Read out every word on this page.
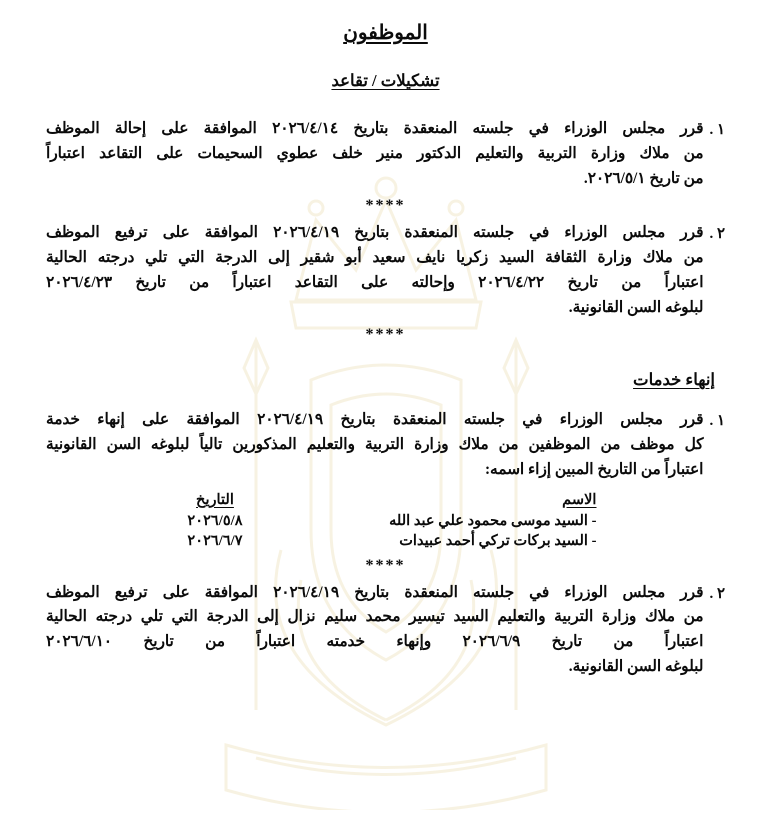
الموظفون
تشكيلات / تقاعد
١ .
قرر مجلس الوزراء في جلسته المنعقدة بتاريخ ٢٠٢٦/٤/١٤ الموافقة على إحالة الموظف
من ملاك وزارة التربية والتعليم الدكتور منير خلف عطوي السحيمات على التقاعد اعتباراً
من تاريخ ٢٠٢٦/٥/١.
****
٢ .
قرر مجلس الوزراء في جلسته المنعقدة بتاريخ ٢٠٢٦/٤/١٩ الموافقة على ترفيع الموظف
من ملاك وزارة الثقافة السيد زكريا نايف سعيد أبو شقير إلى الدرجة التي تلي درجته الحالية
اعتباراً من تاريخ ٢٠٢٦/٤/٢٢ وإحالته على التقاعد اعتباراً من تاريخ ٢٠٢٦/٤/٢٣
لبلوغه السن القانونية.
****
إنهاء خدمات
١ .
قرر مجلس الوزراء في جلسته المنعقدة بتاريخ ٢٠٢٦/٤/١٩ الموافقة على إنهاء خدمة
كل موظف من الموظفين من ملاك وزارة التربية والتعليم المذكورين تالياً لبلوغه السن القانونية
اعتباراً من التاريخ المبين إزاء اسمه:
الاسم	التاريخ
- السيد موسى محمود علي عبد الله	٢٠٢٦/٥/٨
- السيد بركات تركي أحمد عبيدات	٢٠٢٦/٦/٧
****
٢ .
قرر مجلس الوزراء في جلسته المنعقدة بتاريخ ٢٠٢٦/٤/١٩ الموافقة على ترفيع الموظف
من ملاك وزارة التربية والتعليم السيد تيسير محمد سليم نزال إلى الدرجة التي تلي درجته الحالية
اعتباراً من تاريخ ٢٠٢٦/٦/٩ وإنهاء خدمته اعتباراً من تاريخ ٢٠٢٦/٦/١٠
لبلوغه السن القانونية.
